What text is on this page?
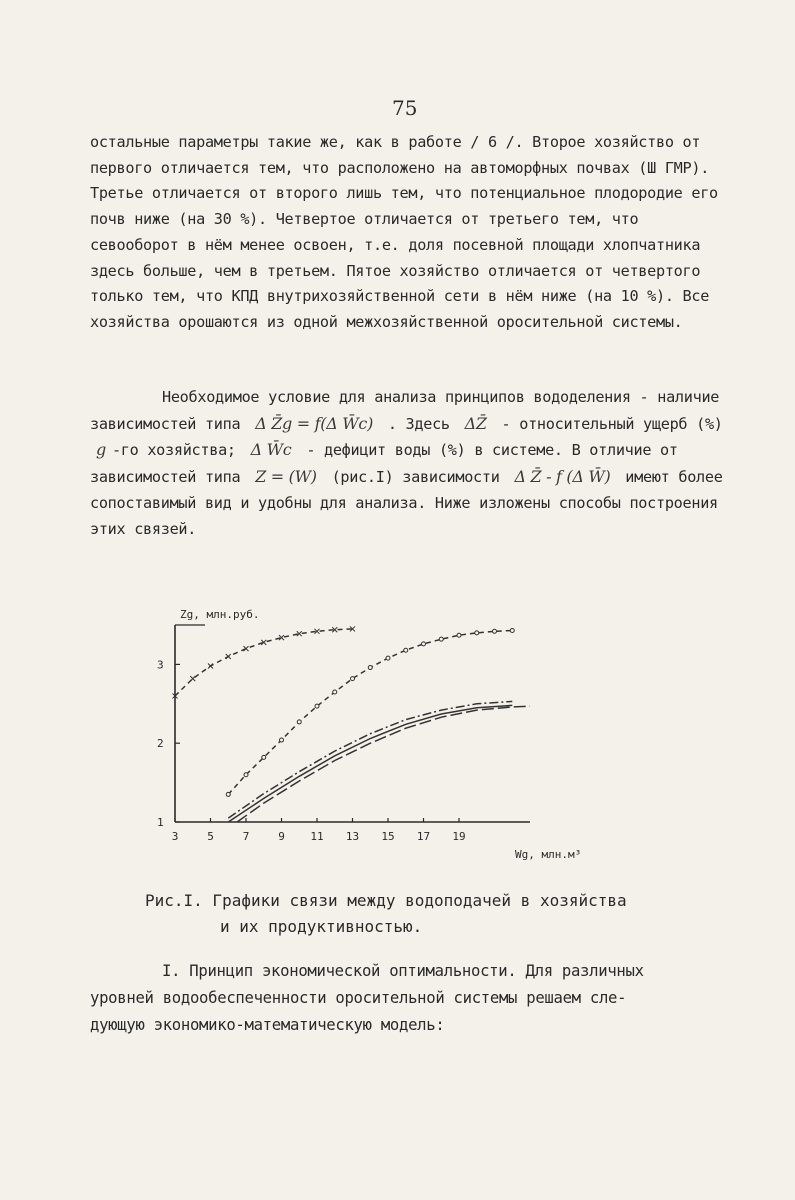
75

остальные параметры такие же, как в работе / 6 /. Второе хозяйство от первого отличается тем, что расположено на автоморфных почвах (Ш ГМР). Третье отличается от второго лишь тем, что потенциальное плодородие его почв ниже (на 30 %). Четвертое отличается от третьего тем, что севооборот в нём менее освоен, т.е. доля посевной площади хлопчатника здесь больше, чем в третьем. Пятое хозяйство отличается от четвертого только тем, что КПД внутрихозяйственной сети в нём ниже (на 10 %). Все хозяйства орошаются из одной межхозяйственной оросительной системы.

Необходимое условие для анализа принципов вододеления - наличие зависимостей типа Δ Z̄g = f(Δ W̄c) . Здесь ΔZ̄ - относительный ущерб (%) g -го хозяйства; Δ W̄c - дефицит воды (%) в системе. В отличие от зависимостей типа Z = (W) (рис.I) зависимости Δ Z̄ - f (Δ W̄) имеют более сопоставимый вид и удобны для анализа. Ниже изложены способы построения этих связей.

Zg, млн.руб.
Wg, млн.м³
3	5	7	9 11 13 15 17 19
1
2
3
Рис.I. Графики связи между водоподачей в хозяйства
и их продуктивностью.

I. Принцип экономической оптимальности. Для различных

уровней водообеспеченности оросительной системы решаем сле-

дующую экономико-математическую модель:
